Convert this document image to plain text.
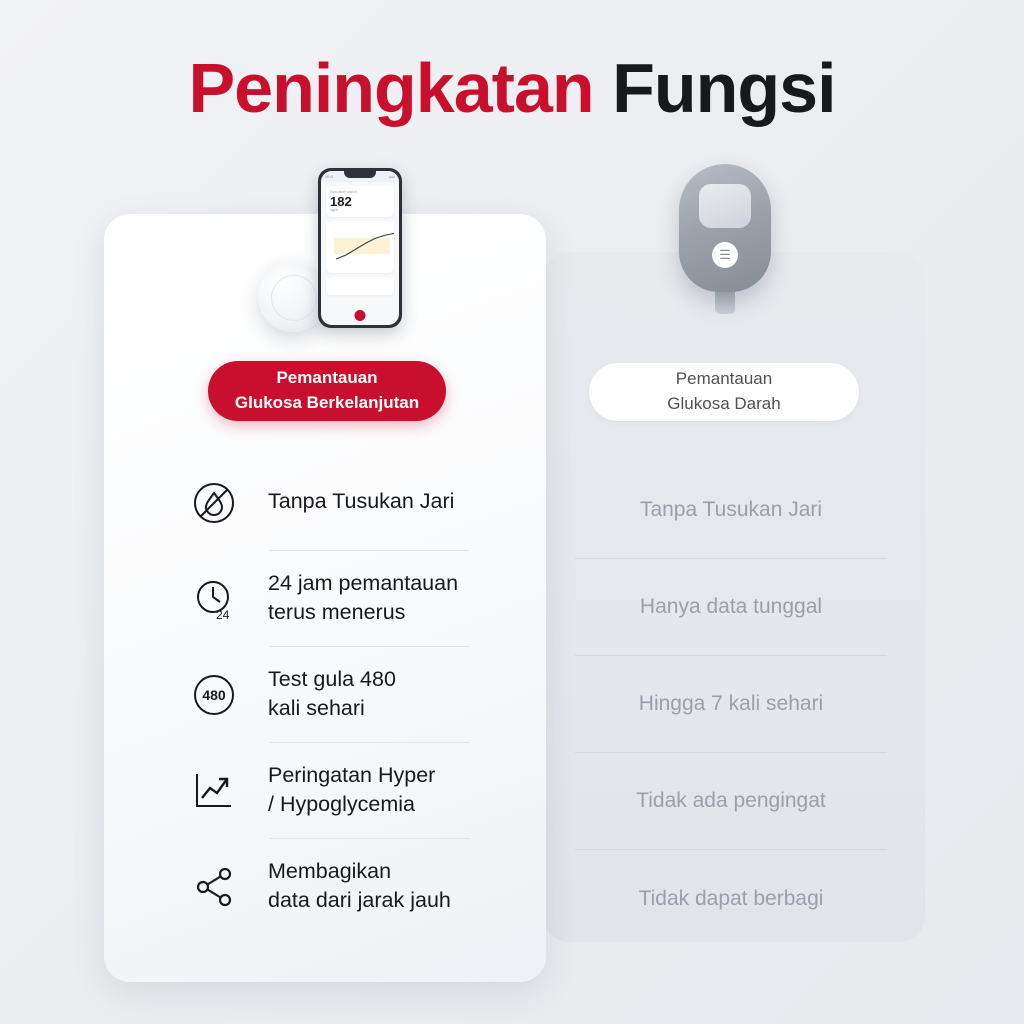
Peningkatan Fungsi
☰
Pemantauan
Glukosa Darah
Tanpa Tusukan Jari
Hanya data tunggal
Hingga 7 kali sehari
Tidak ada pengingat
Tidak dapat berbagi
09:41	●●●
Gula darah saat ini
182
mg/dL
Pemantauan
Glukosa Berkelanjutan
Tanpa Tusukan Jari
24
24 jam pemantauan
terus menerus
480
Test gula 480
kali sehari
Peringatan Hyper
/ Hypoglycemia
Membagikan
data dari jarak jauh
